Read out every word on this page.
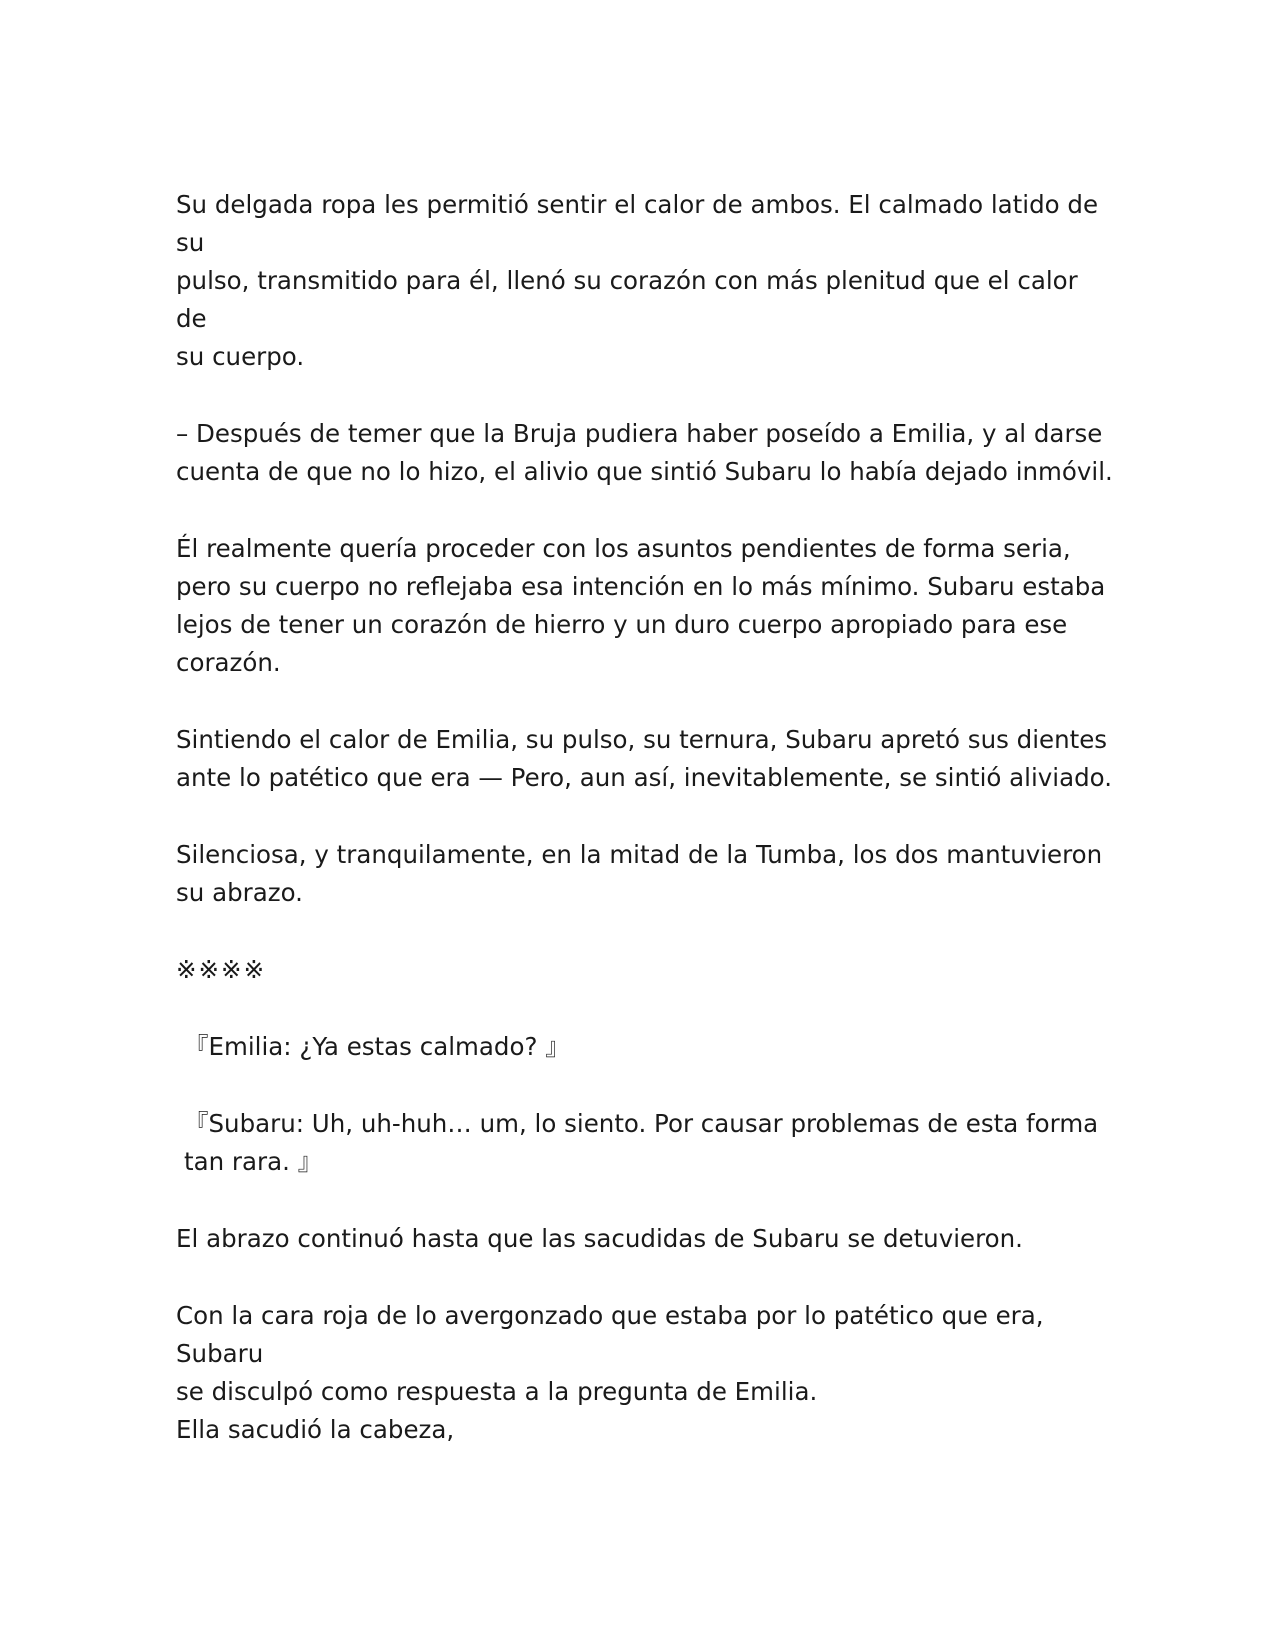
Su delgada ropa les permitió sentir el calor de ambos. El calmado latido de su
pulso, transmitido para él, llenó su corazón con más plenitud que el calor de
su cuerpo.

– Después de temer que la Bruja pudiera haber poseído a Emilia, y al darse
cuenta de que no lo hizo, el alivio que sintió Subaru lo había dejado inmóvil.

Él realmente quería proceder con los asuntos pendientes de forma seria,
pero su cuerpo no reflejaba esa intención en lo más mínimo. Subaru estaba
lejos de tener un corazón de hierro y un duro cuerpo apropiado para ese
corazón.

Sintiendo el calor de Emilia, su pulso, su ternura, Subaru apretó sus dientes
ante lo patético que era — Pero, aun así, inevitablemente, se sintió aliviado.

Silenciosa, y tranquilamente, en la mitad de la Tumba, los dos mantuvieron
su abrazo.

※※※※

『Emilia: ¿Ya estas calmado? 』

『Subaru: Uh, uh-huh… um, lo siento. Por causar problemas de esta forma
tan rara. 』

El abrazo continuó hasta que las sacudidas de Subaru se detuvieron.

Con la cara roja de lo avergonzado que estaba por lo patético que era, Subaru
se disculpó como respuesta a la pregunta de Emilia.

Ella sacudió la cabeza,
